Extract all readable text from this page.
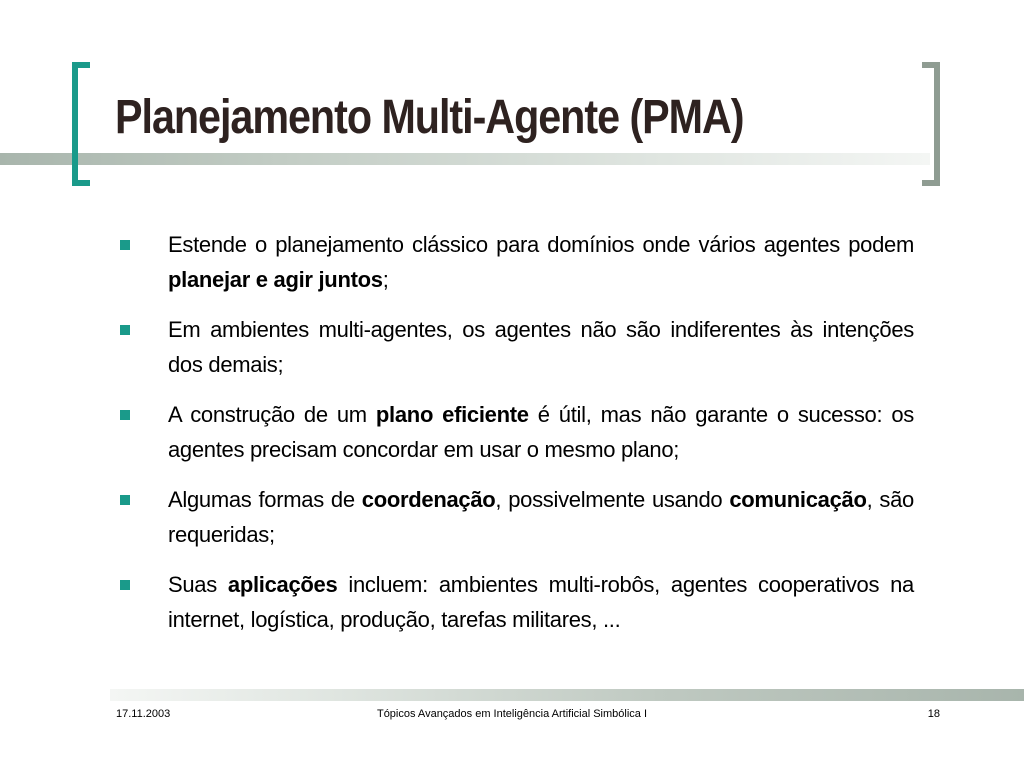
Planejamento Multi-Agente (PMA)
Estende o planejamento clássico para domínios onde vários agentes podem planejar e agir juntos;
Em ambientes multi-agentes, os agentes não são indiferentes às intenções dos demais;
A construção de um plano eficiente é útil, mas não garante o sucesso: os agentes precisam concordar em usar o mesmo plano;
Algumas formas de coordenação, possivelmente usando comunicação, são requeridas;
Suas aplicações incluem: ambientes multi-robôs, agentes cooperativos na internet, logística, produção, tarefas militares, ...
17.11.2003	Tópicos Avançados em Inteligência Artificial Simbólica I	18
